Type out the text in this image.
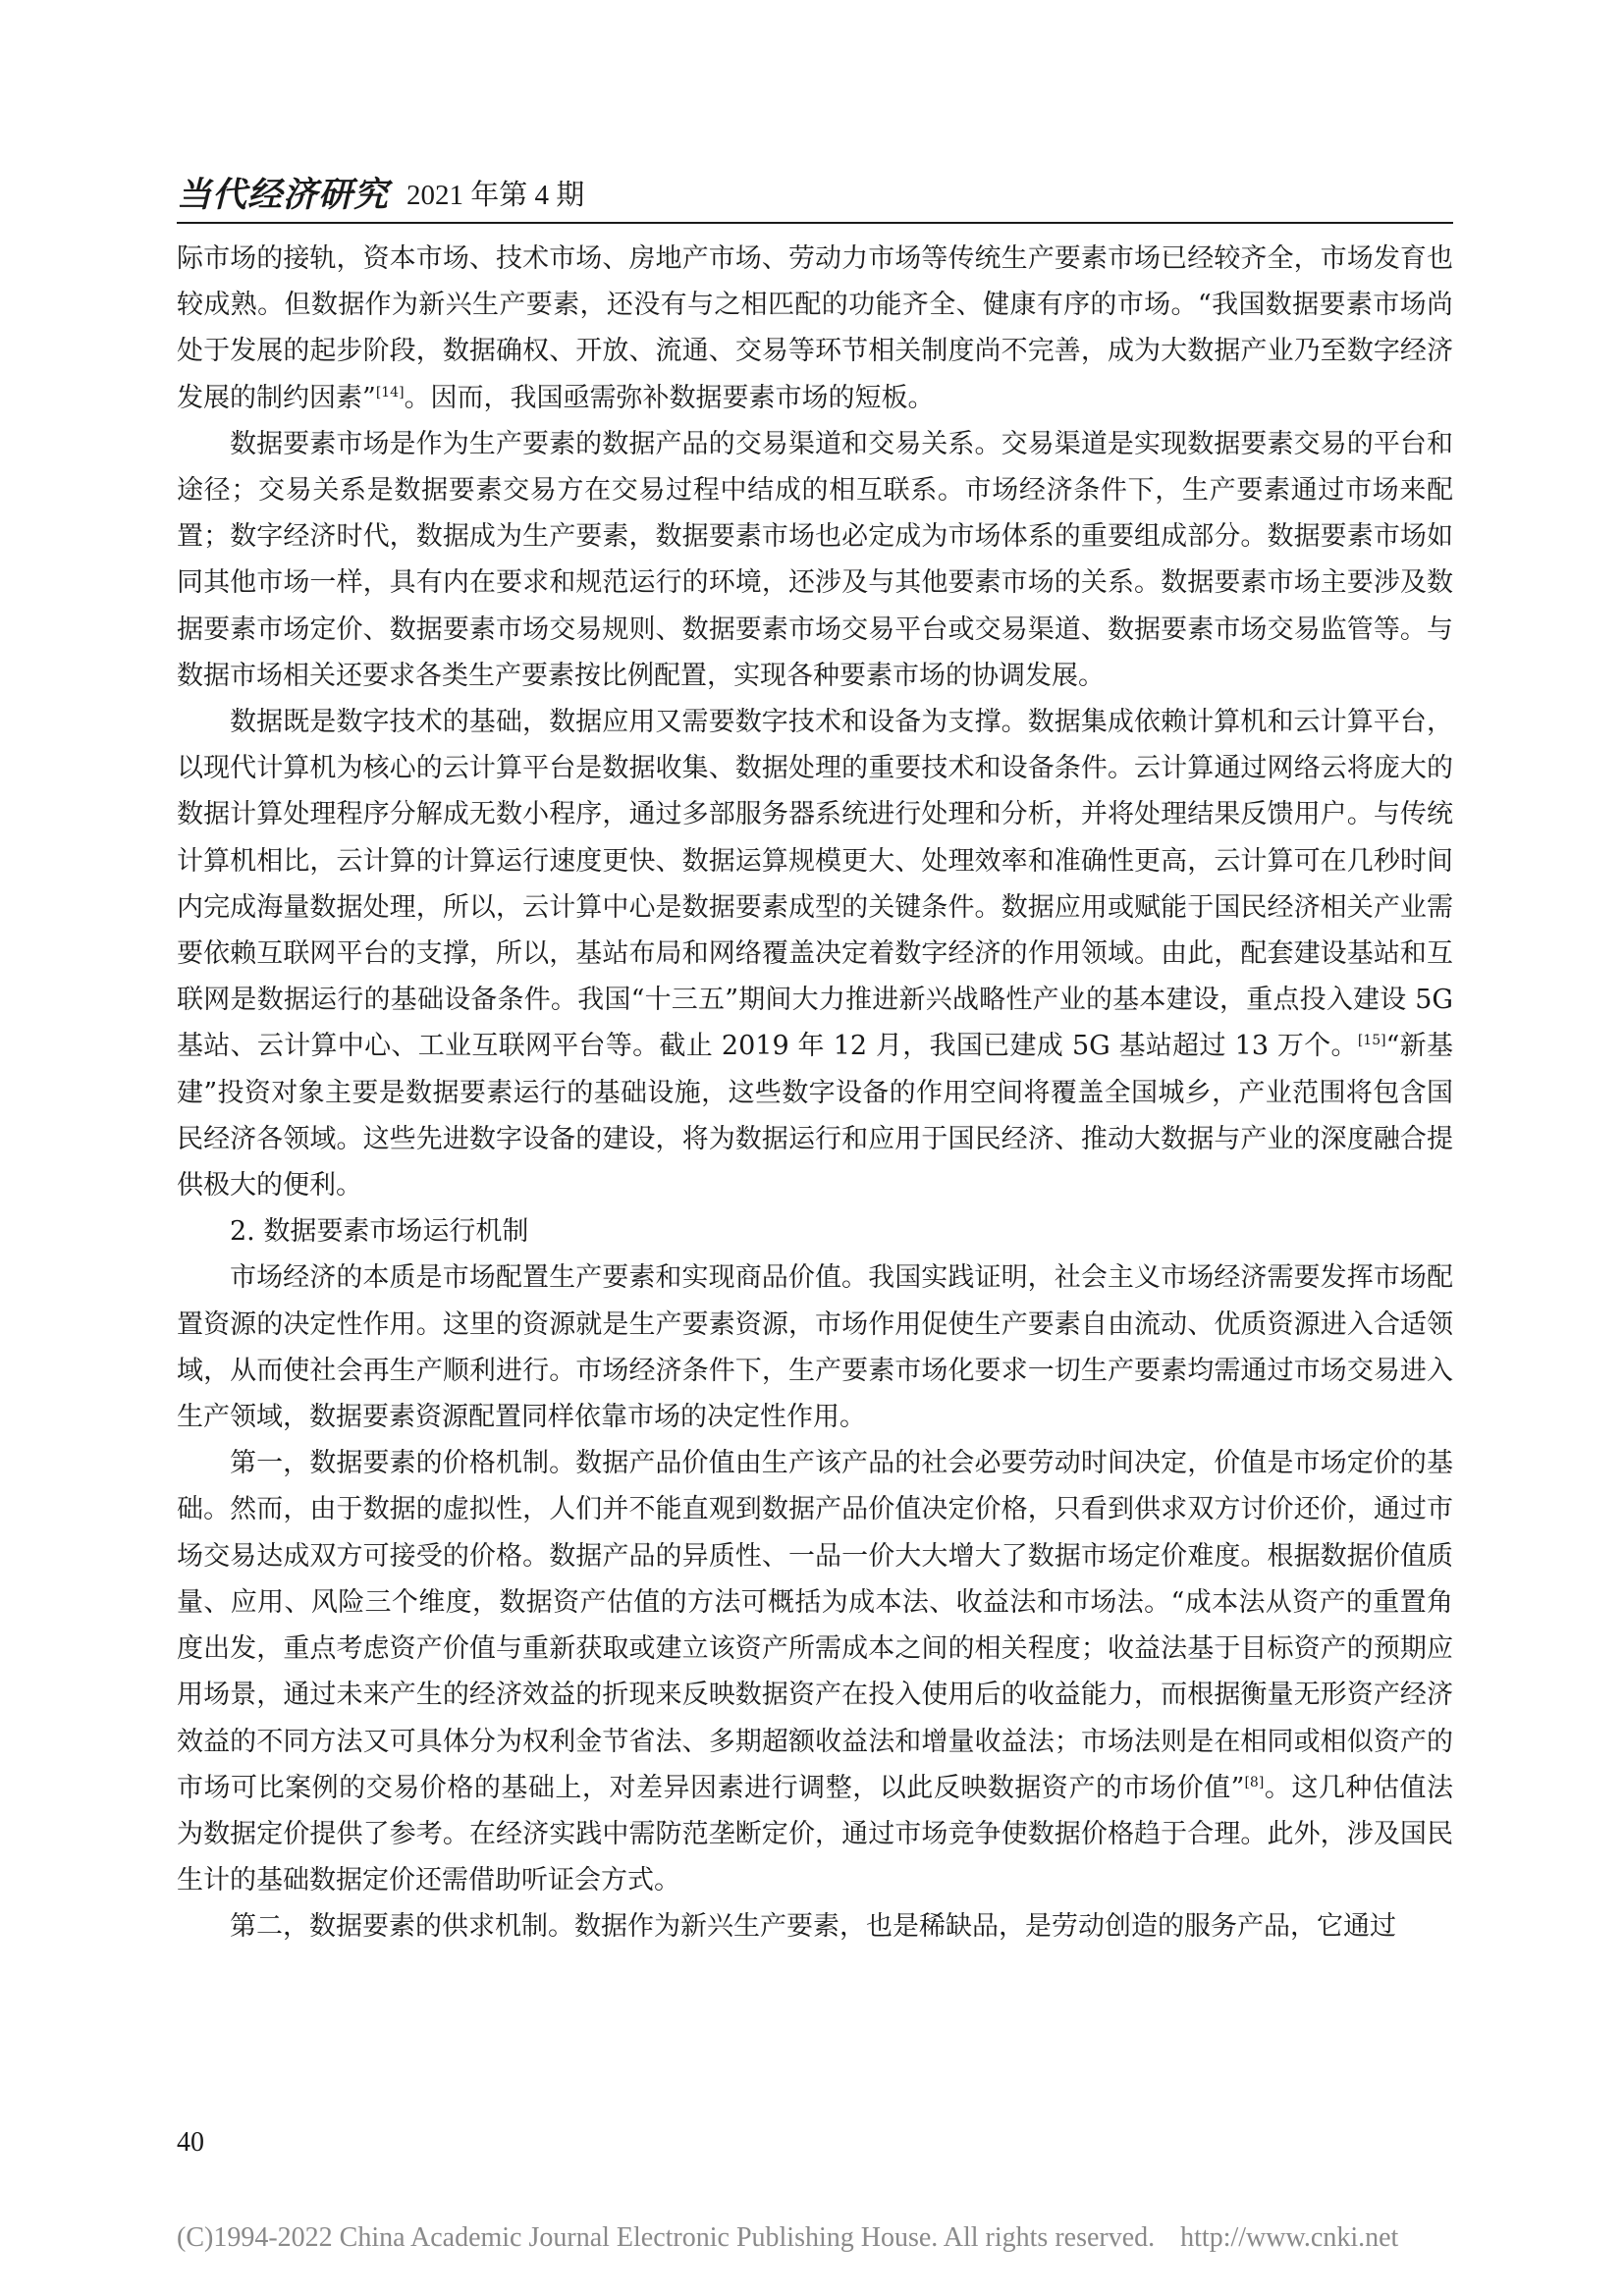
当代经济研究 2021 年第 4 期

际市场的接轨，资本市场、技术市场、房地产市场、劳动力市场等传统生产要素市场已经较齐全，市场发育也较成熟。但数据作为新兴生产要素，还没有与之相匹配的功能齐全、健康有序的市场。“我国数据要素市场尚处于发展的起步阶段，数据确权、开放、流通、交易等环节相关制度尚不完善，成为大数据产业乃至数字经济发展的制约因素”[14]。因而，我国亟需弥补数据要素市场的短板。

数据要素市场是作为生产要素的数据产品的交易渠道和交易关系。交易渠道是实现数据要素交易的平台和途径；交易关系是数据要素交易方在交易过程中结成的相互联系。市场经济条件下，生产要素通过市场来配置；数字经济时代，数据成为生产要素，数据要素市场也必定成为市场体系的重要组成部分。数据要素市场如同其他市场一样，具有内在要求和规范运行的环境，还涉及与其他要素市场的关系。数据要素市场主要涉及数据要素市场定价、数据要素市场交易规则、数据要素市场交易平台或交易渠道、数据要素市场交易监管等。与数据市场相关还要求各类生产要素按比例配置，实现各种要素市场的协调发展。

数据既是数字技术的基础，数据应用又需要数字技术和设备为支撑。数据集成依赖计算机和云计算平台，以现代计算机为核心的云计算平台是数据收集、数据处理的重要技术和设备条件。云计算通过网络云将庞大的数据计算处理程序分解成无数小程序，通过多部服务器系统进行处理和分析，并将处理结果反馈用户。与传统计算机相比，云计算的计算运行速度更快、数据运算规模更大、处理效率和准确性更高，云计算可在几秒时间内完成海量数据处理，所以，云计算中心是数据要素成型的关键条件。数据应用或赋能于国民经济相关产业需要依赖互联网平台的支撑，所以，基站布局和网络覆盖决定着数字经济的作用领域。由此，配套建设基站和互联网是数据运行的基础设备条件。我国“十三五”期间大力推进新兴战略性产业的基本建设，重点投入建设 5G 基站、云计算中心、工业互联网平台等。截止 2019 年 12 月，我国已建成 5G 基站超过 13 万个。[15]“新基建”投资对象主要是数据要素运行的基础设施，这些数字设备的作用空间将覆盖全国城乡，产业范围将包含国民经济各领域。这些先进数字设备的建设，将为数据运行和应用于国民经济、推动大数据与产业的深度融合提供极大的便利。

2. 数据要素市场运行机制

市场经济的本质是市场配置生产要素和实现商品价值。我国实践证明，社会主义市场经济需要发挥市场配置资源的决定性作用。这里的资源就是生产要素资源，市场作用促使生产要素自由流动、优质资源进入合适领域，从而使社会再生产顺利进行。市场经济条件下，生产要素市场化要求一切生产要素均需通过市场交易进入生产领域，数据要素资源配置同样依靠市场的决定性作用。

第一，数据要素的价格机制。数据产品价值由生产该产品的社会必要劳动时间决定，价值是市场定价的基础。然而，由于数据的虚拟性，人们并不能直观到数据产品价值决定价格，只看到供求双方讨价还价，通过市场交易达成双方可接受的价格。数据产品的异质性、一品一价大大增大了数据市场定价难度。根据数据价值质量、应用、风险三个维度，数据资产估值的方法可概括为成本法、收益法和市场法。“成本法从资产的重置角度出发，重点考虑资产价值与重新获取或建立该资产所需成本之间的相关程度；收益法基于目标资产的预期应用场景，通过未来产生的经济效益的折现来反映数据资产在投入使用后的收益能力，而根据衡量无形资产经济效益的不同方法又可具体分为权利金节省法、多期超额收益法和增量收益法；市场法则是在相同或相似资产的市场可比案例的交易价格的基础上，对差异因素进行调整，以此反映数据资产的市场价值”[8]。这几种估值法为数据定价提供了参考。在经济实践中需防范垄断定价，通过市场竞争使数据价格趋于合理。此外，涉及国民生计的基础数据定价还需借助听证会方式。

第二，数据要素的供求机制。数据作为新兴生产要素，也是稀缺品，是劳动创造的服务产品，它通过

40
(C)1994-2022 China Academic Journal Electronic Publishing House. All rights reserved. http://www.cnki.net
